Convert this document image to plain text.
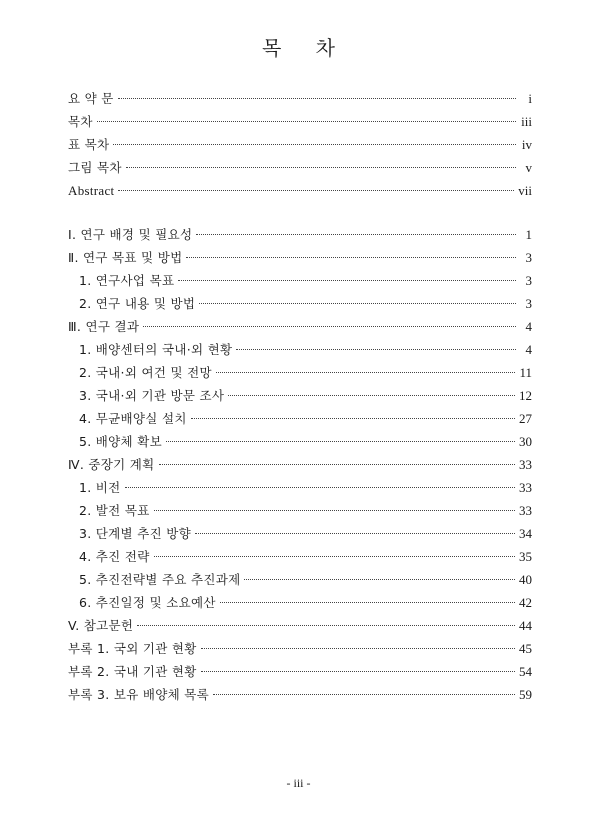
목 차
요 약 문	i
목차	iii
표 목차	iv
그림 목차	v
Abstract	vii
Ⅰ. 연구 배경 및 필요성	1
Ⅱ. 연구 목표 및 방법	3
1. 연구사업 목표	3
2. 연구 내용 및 방법	3
Ⅲ. 연구 결과	4
1. 배양센터의 국내·외 현황	4
2. 국내·외 여건 및 전망	11
3. 국내·외 기관 방문 조사	12
4. 무균배양실 설치	27
5. 배양체 확보	30
Ⅳ. 중장기 계획	33
1. 비전	33
2. 발전 목표	33
3. 단계별 추진 방향	34
4. 추진 전략	35
5. 추진전략별 주요 추진과제	40
6. 추진일정 및 소요예산	42
V. 참고문헌	44
부록 1. 국외 기관 현황	45
부록 2. 국내 기관 현황	54
부록 3. 보유 배양체 목록	59
- iii -
